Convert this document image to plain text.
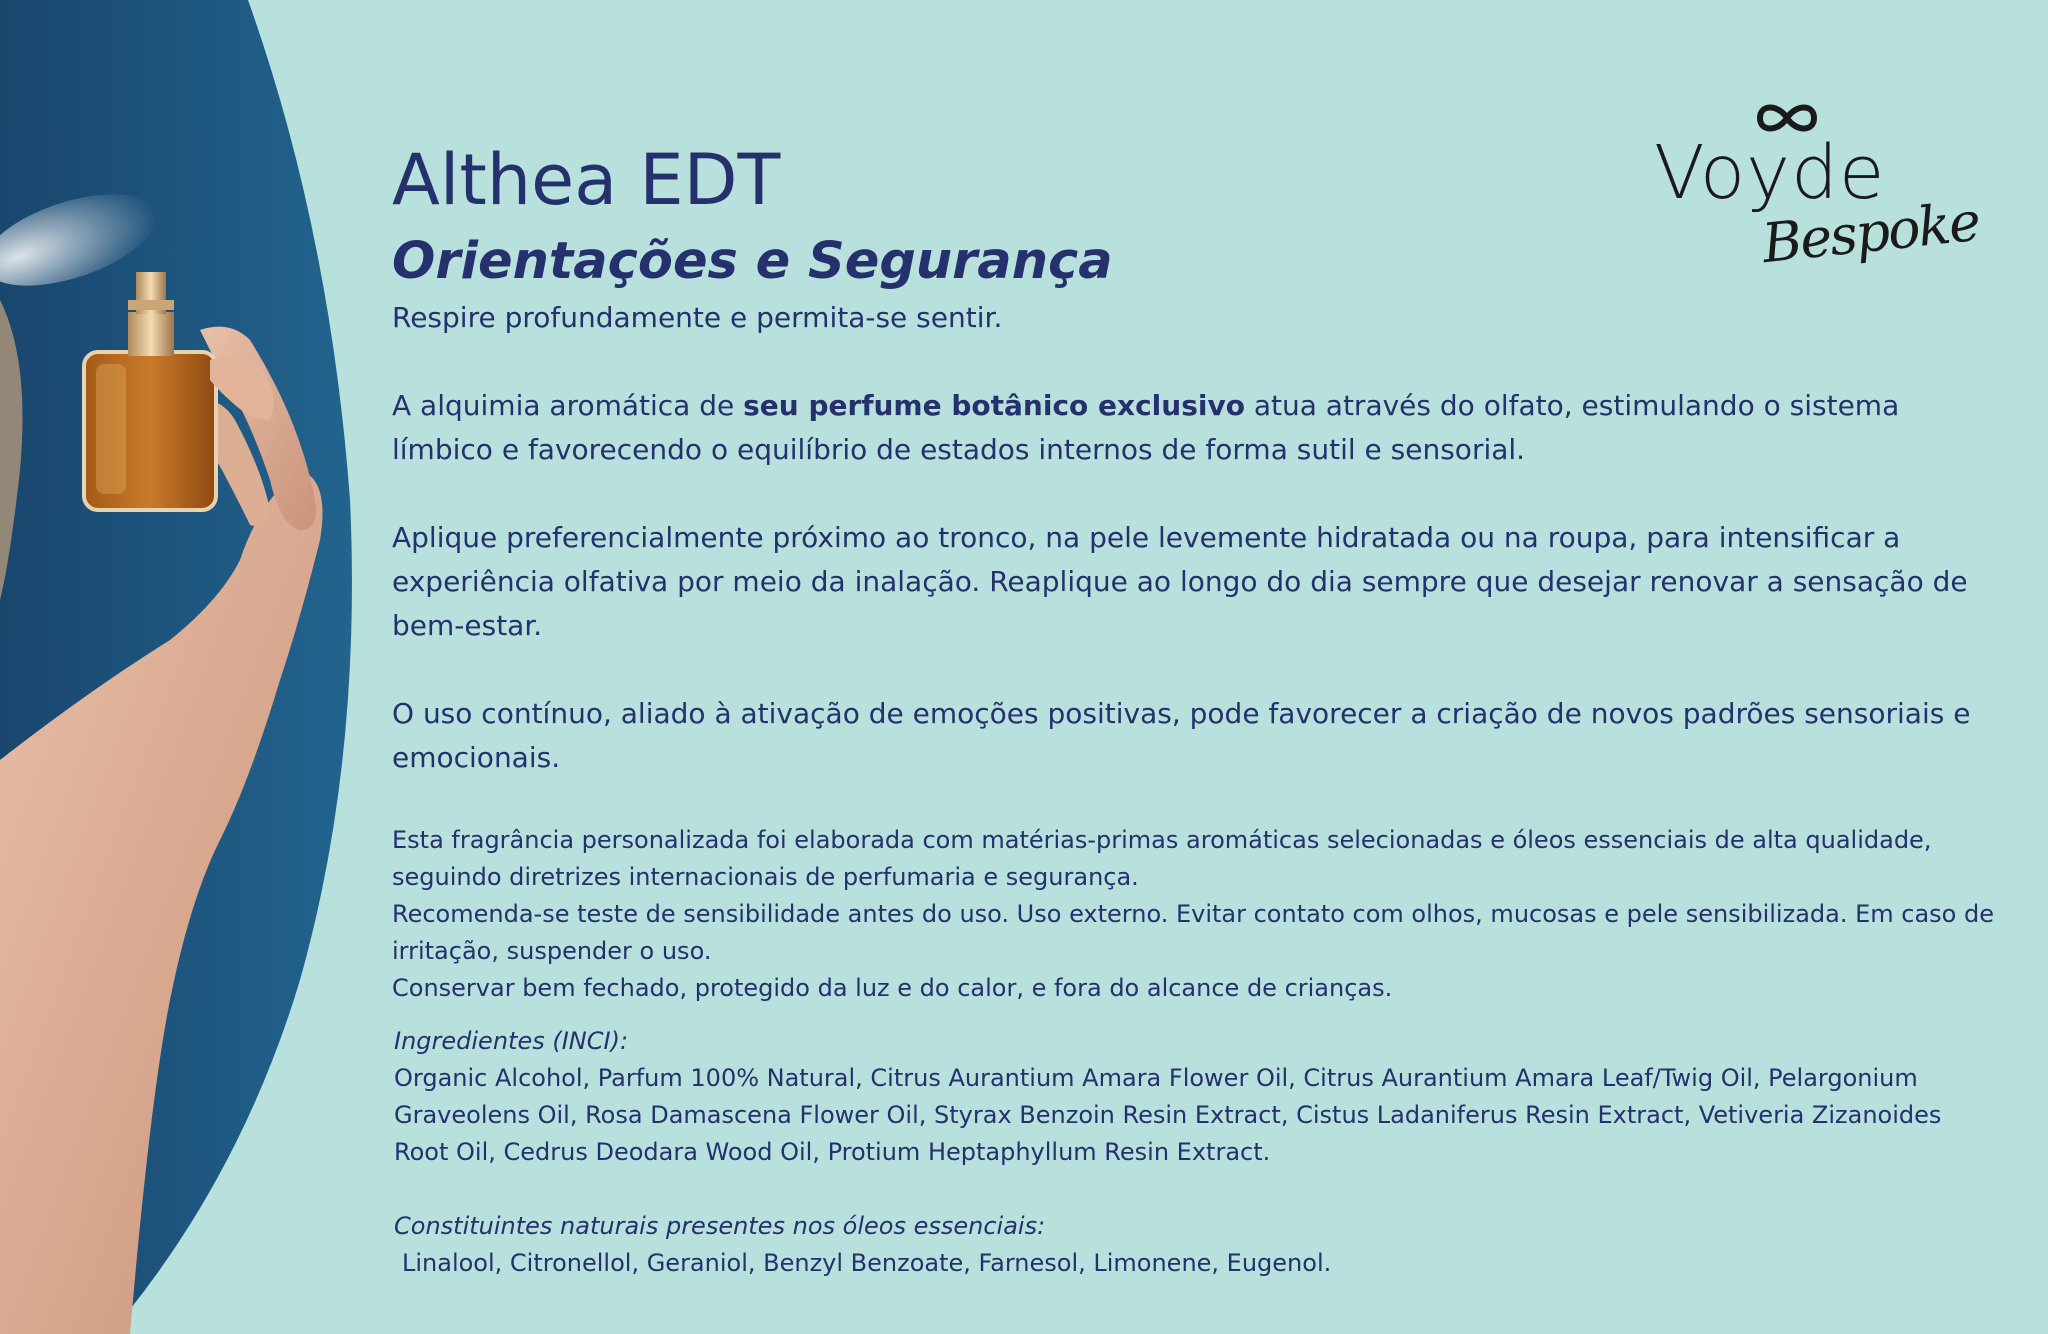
Voyde
Bespoke
Althea EDT
Orientações e Segurança

Respire profundamente e permita-se sentir.

A alquimia aromática de seu perfume botânico exclusivo atua através do olfato, estimulando o sistema límbico e favorecendo o equilíbrio de estados internos de forma sutil e sensorial.

Aplique preferencialmente próximo ao tronco, na pele levemente hidratada ou na roupa, para intensificar a experiência olfativa por meio da inalação. Reaplique ao longo do dia sempre que desejar renovar a sensação de bem-estar.

O uso contínuo, aliado à ativação de emoções positivas, pode favorecer a criação de novos padrões sensoriais e emocionais.

Esta fragrância personalizada foi elaborada com matérias-primas aromáticas selecionadas e óleos essenciais de alta qualidade, seguindo diretrizes internacionais de perfumaria e segurança.

Recomenda-se teste de sensibilidade antes do uso. Uso externo. Evitar contato com olhos, mucosas e pele sensibilizada. Em caso de irritação, suspender o uso.

Conservar bem fechado, protegido da luz e do calor, e fora do alcance de crianças.

Ingredientes (INCI):

Organic Alcohol, Parfum 100% Natural, Citrus Aurantium Amara Flower Oil, Citrus Aurantium Amara Leaf/Twig Oil, Pelargonium Graveolens Oil, Rosa Damascena Flower Oil, Styrax Benzoin Resin Extract, Cistus Ladaniferus Resin Extract, Vetiveria Zizanoides Root Oil, Cedrus Deodara Wood Oil, Protium Heptaphyllum Resin Extract.

Constituintes naturais presentes nos óleos essenciais:

Linalool, Citronellol, Geraniol, Benzyl Benzoate, Farnesol, Limonene, Eugenol.
